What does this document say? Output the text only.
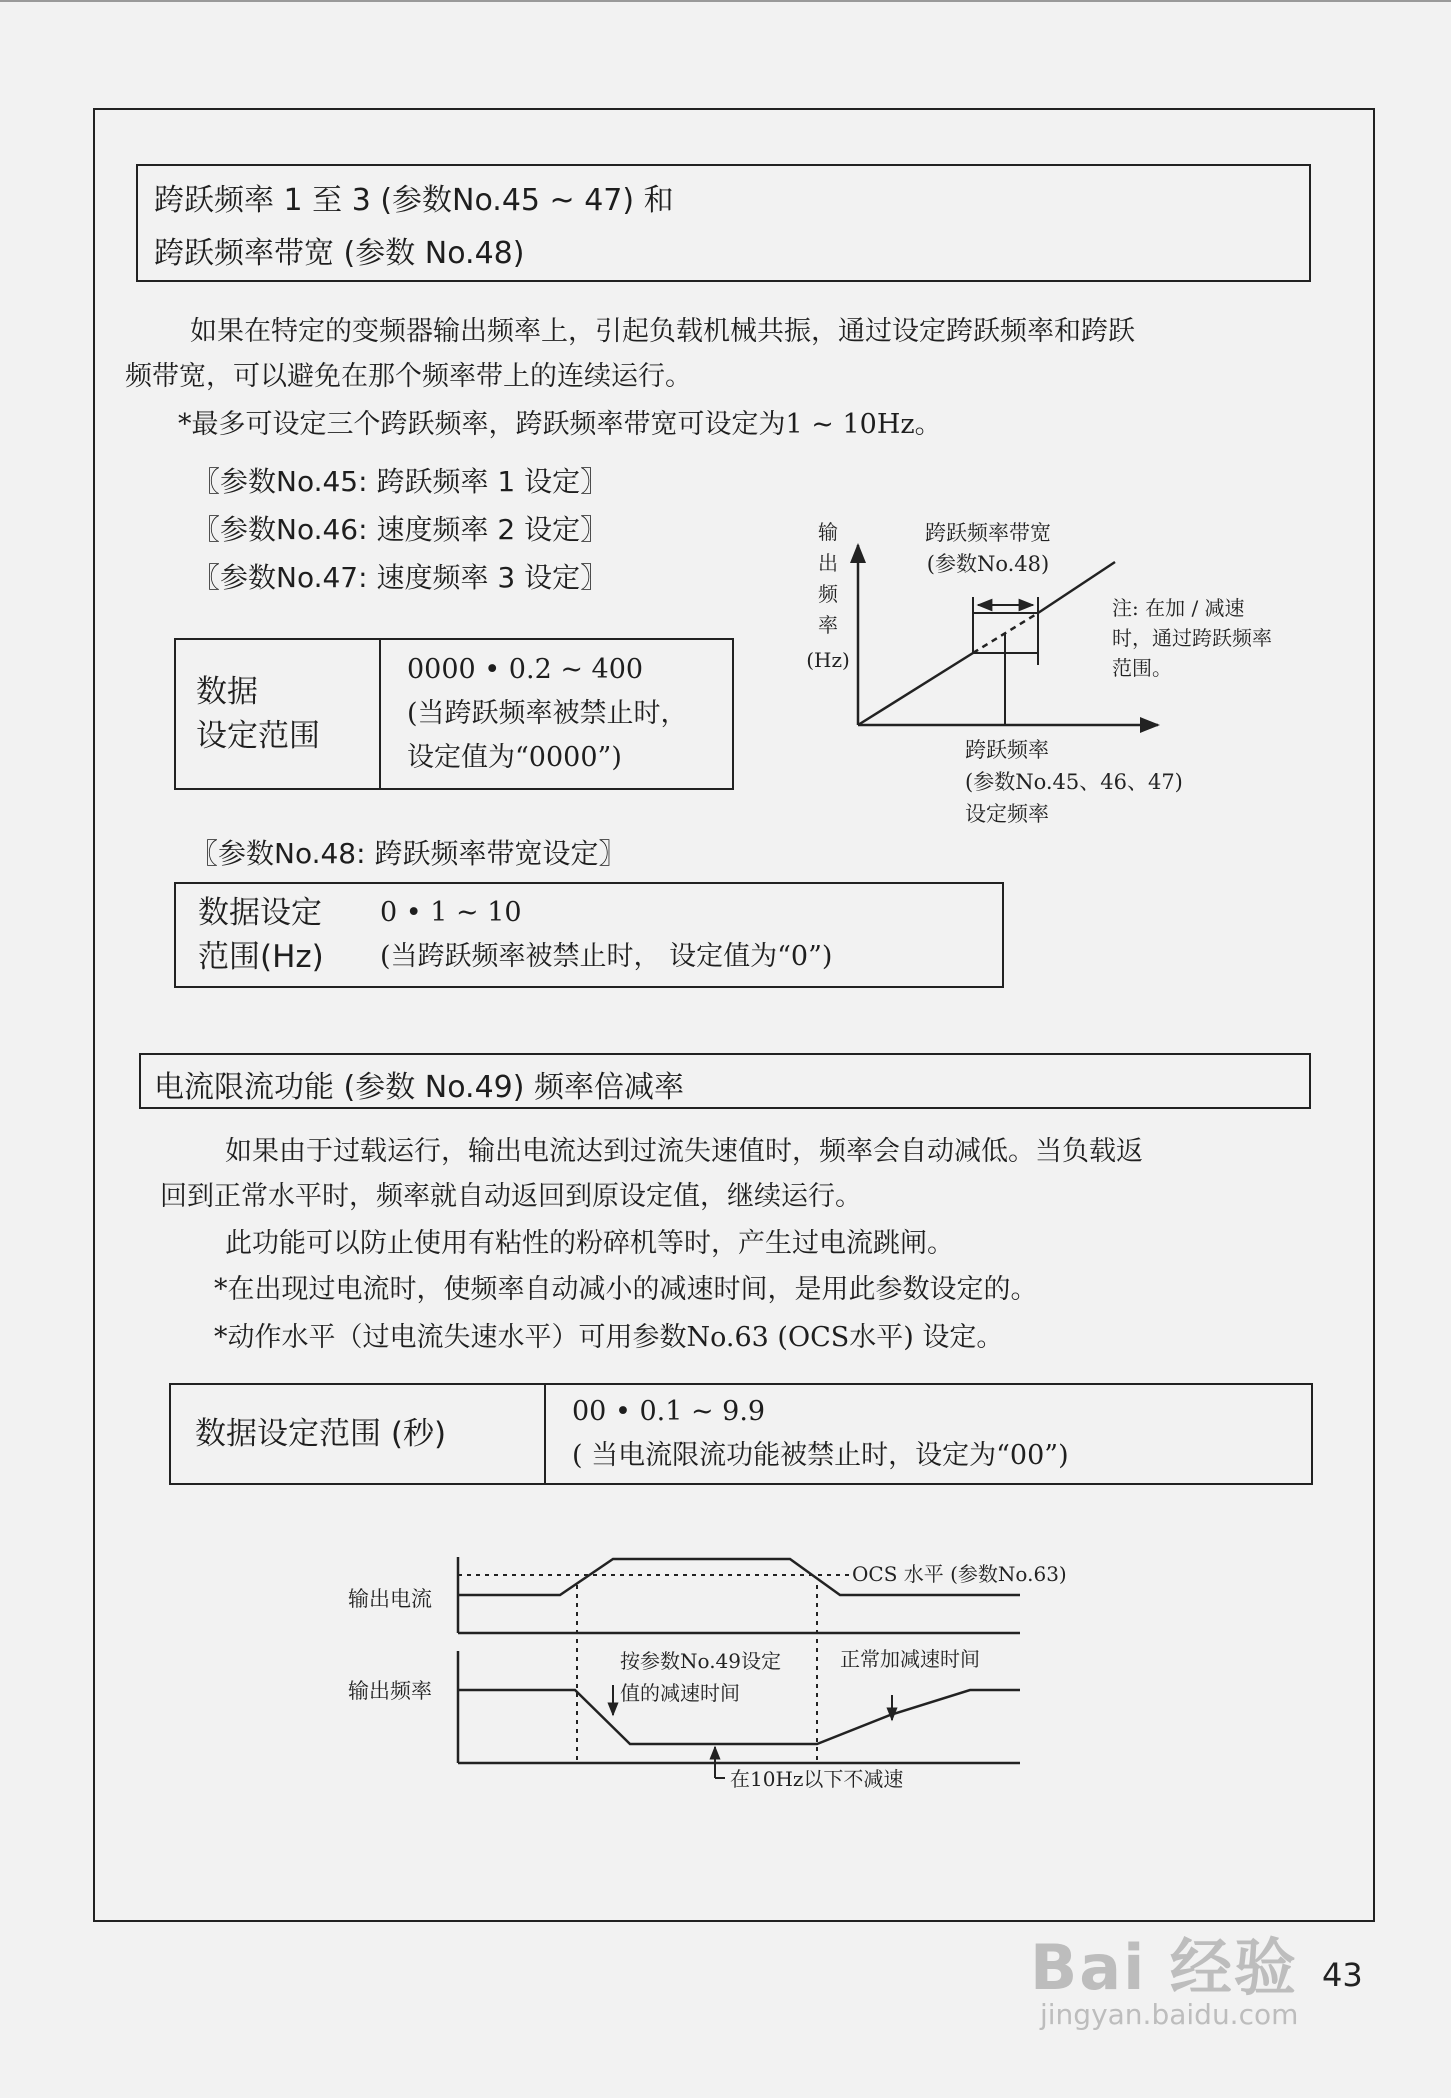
跨跃频率 1 至 3 (参数No.45 ~ 47) 和
跨跃频率带宽 (参数 No.48)
如果在特定的变频器输出频率上，引起负载机械共振，通过设定跨跃频率和跨跃
频带宽，可以避免在那个频率带上的连续运行。
*最多可设定三个跨跃频率，跨跃频率带宽可设定为1 ~ 10Hz。
〖参数No.45: 跨跃频率 1 设定〗
〖参数No.46: 速度频率 2 设定〗
〖参数No.47: 速度频率 3 设定〗
数据
设定范围

0000 • 0.2 ~ 400
(当跨跃频率被禁止时，
设定值为“0000”)
输
出
频
率
(Hz)
跨跃频率带宽
(参数No.48)
注: 在加 / 减速
时，通过跨跃频率
范围。
跨跃频率
(参数No.45、46、47)
设定频率
〖参数No.48: 跨跃频率带宽设定〗
数据设定
范围(Hz)

0 • 1 ~ 10
(当跨跃频率被禁止时， 设定值为“0”)
电流限流功能 (参数 No.49) 频率倍减率
如果由于过载运行，输出电流达到过流失速值时，频率会自动减低。当负载返
回到正常水平时，频率就自动返回到原设定值，继续运行。
此功能可以防止使用有粘性的粉碎机等时，产生过电流跳闸。
*在出现过电流时，使频率自动减小的减速时间，是用此参数设定的。
*动作水平（过电流失速水平）可用参数No.63 (OCS水平) 设定。
数据设定范围 (秒)

00 • 0.1 ~ 9.9
( 当电流限流功能被禁止时，设定为“00”)
输出电流
输出频率
OCS 水平 (参数No.63)
按参数No.49设定
值的减速时间
正常加减速时间
在10Hz以下不减速
Bai 经验
jingyan.baidu.com
43
